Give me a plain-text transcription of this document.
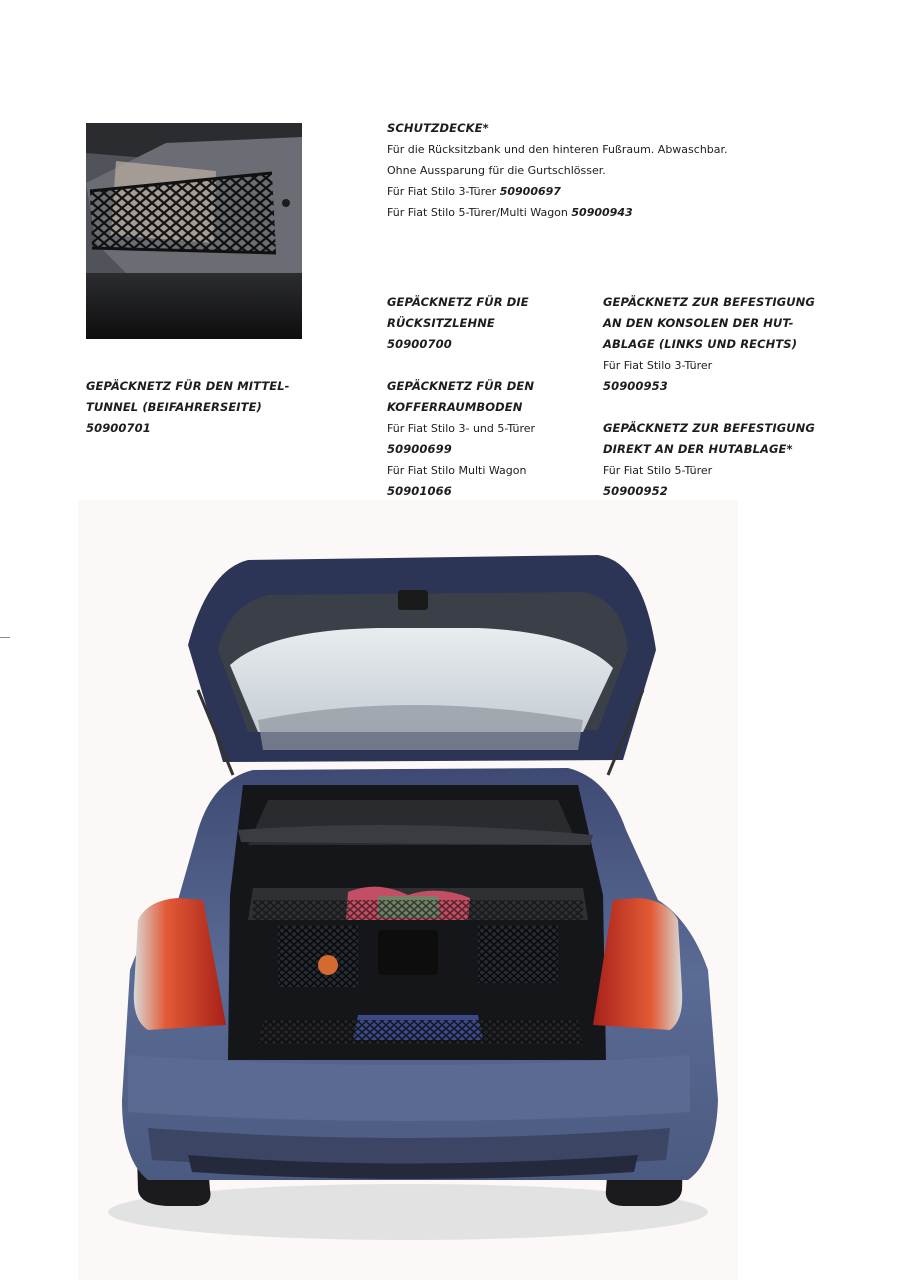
SCHUTZDECKE*
Für die Rücksitzbank und den hinteren Fußraum. Abwaschbar.
Ohne Aussparung für die Gurtschlösser.
Für Fiat Stilo 3-Türer 50900697
Für Fiat Stilo 5-Türer/Multi Wagon 50900943
GEPÄCKNETZ FÜR DEN MITTEL-
TUNNEL (BEIFAHRERSEITE)
50900701
GEPÄCKNETZ FÜR DIE
RÜCKSITZLEHNE
50900700
GEPÄCKNETZ FÜR DEN
KOFFERRAUMBODEN
Für Fiat Stilo 3- und 5-Türer
50900699
Für Fiat Stilo Multi Wagon
50901066
GEPÄCKNETZ ZUR BEFESTIGUNG
AN DEN KONSOLEN DER HUT-
ABLAGE (LINKS UND RECHTS)
Für Fiat Stilo 3-Türer
50900953
GEPÄCKNETZ ZUR BEFESTIGUNG
DIREKT AN DER HUTABLAGE*
Für Fiat Stilo 5-Türer
50900952
